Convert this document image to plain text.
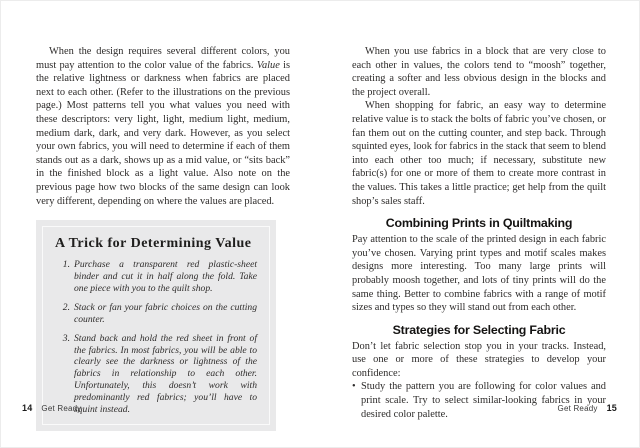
When the design requires several different colors, you must pay attention to the color value of the fabrics. Value is the relative lightness or darkness when fabrics are placed next to each other. (Refer to the illustrations on the previous page.) Most patterns tell you what values you need with these descriptors: very light, light, medium light, medium, medium dark, dark, and very dark. However, as you select your own fabrics, you will need to determine if each of them stands out as a dark, shows up as a mid value, or “sits back” in the finished block as a light value. Also note on the previous page how two blocks of the same design can look very different, depending on where the values are placed.

A Trick for Determining Value
1. Purchase a transparent red plastic-sheet binder and cut it in half along the fold. Take one piece with you to the quilt shop.
2. Stack or fan your fabric choices on the cutting counter.
3. Stand back and hold the red sheet in front of the fabrics. In most fabrics, you will be able to clearly see the darkness or lightness of the fabrics in relationship to each other. Unfortunately, this doesn’t work with predominantly red fabrics; you’ll have to squint instead.

When you use fabrics in a block that are very close to each other in values, the colors tend to “moosh” together, creating a softer and less obvious design in the blocks and the project overall.

When shopping for fabric, an easy way to determine relative value is to stack the bolts of fabric you’ve chosen, or fan them out on the cutting counter, and step back. Through squinted eyes, look for fabrics in the stack that seem to blend into each other too much; if necessary, substitute new fabric(s) for one or more of them to create more contrast in the values. This takes a little practice; get help from the quilt shop’s sales staff.

Combining Prints in Quiltmaking

Pay attention to the scale of the printed design in each fabric you’ve chosen. Varying print types and motif scales makes designs more interesting. Too many large prints will probably moosh together, and lots of tiny prints will do the same thing. Better to combine fabrics with a range of motif sizes and types so they will stand out from each other.

Strategies for Selecting Fabric

Don’t let fabric selection stop you in your tracks. Instead, use one or more of these strategies to develop your confidence:

• Study the pattern you are following for color values and print scale. Try to select similar-looking fabrics in your desired color palette.
14 Get Ready	Get Ready 15
